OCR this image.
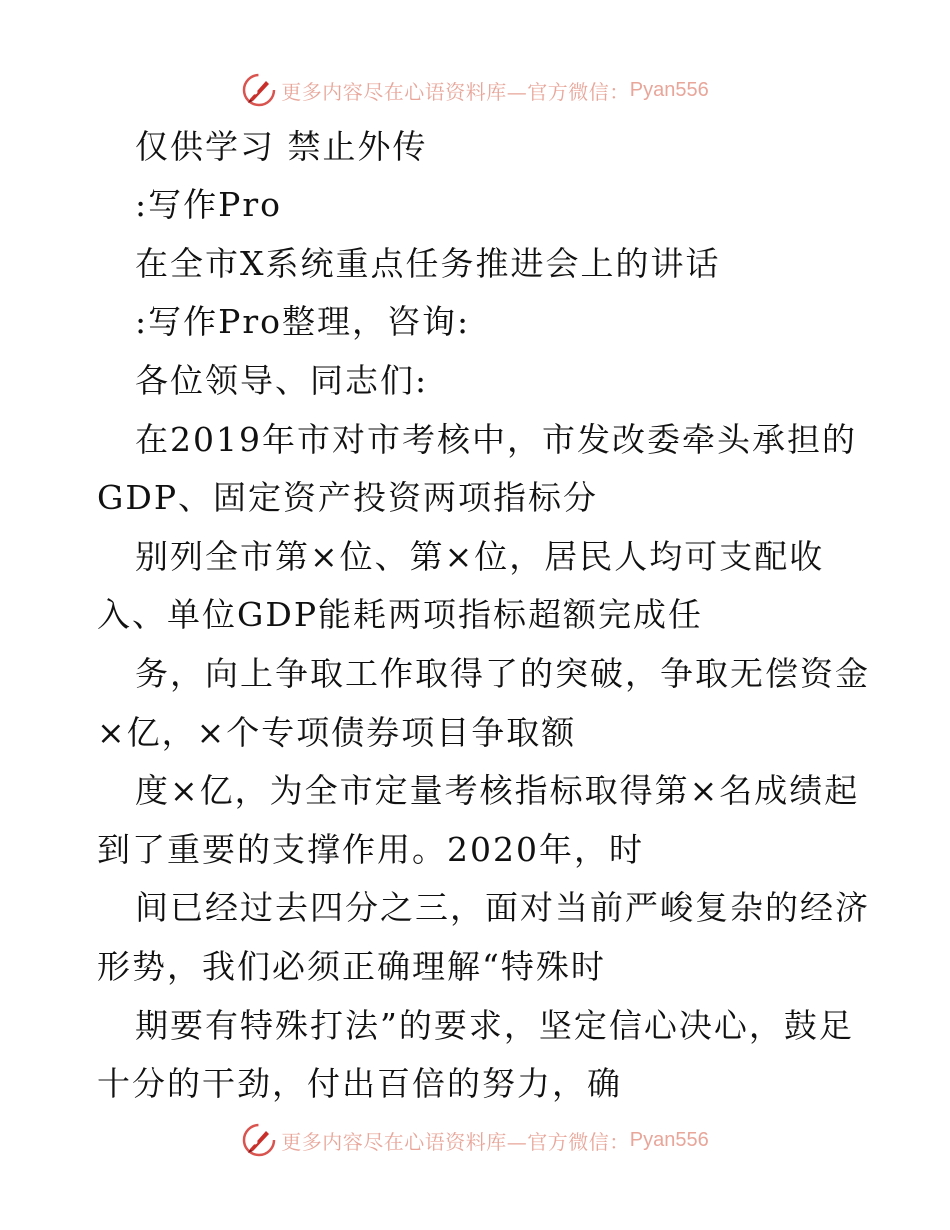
更多内容尽在心语资料库—官方微信： Pyan556
仅供学习 禁止外传
:写作Pro
在全市X系统重点任务推进会上的讲话
:写作Pro整理，咨询:
各位领导、同志们:
在2019年市对市考核中，市发改委牵头承担的
GDP、固定资产投资两项指标分
别列全市第×位、第×位，居民人均可支配收
入、单位GDP能耗两项指标超额完成任
务，向上争取工作取得了的突破，争取无偿资金
×亿，×个专项债券项目争取额
度×亿，为全市定量考核指标取得第×名成绩起
到了重要的支撑作用。2020年，时
间已经过去四分之三，面对当前严峻复杂的经济
形势，我们必须正确理解“特殊时
期要有特殊打法”的要求，坚定信心决心，鼓足
十分的干劲，付出百倍的努力，确
更多内容尽在心语资料库—官方微信： Pyan556
